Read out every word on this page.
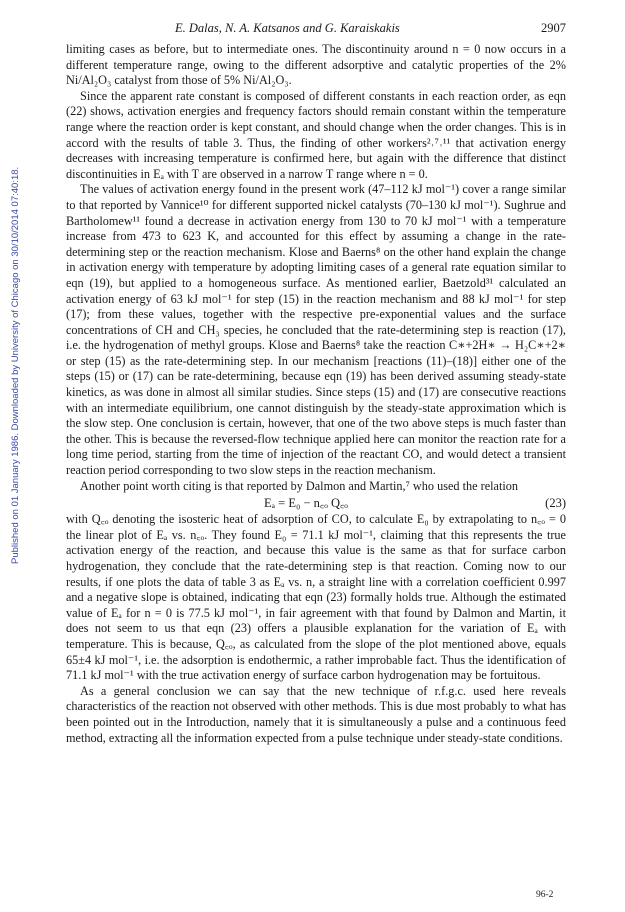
Published on 01 January 1986. Downloaded by University of Chicago on 30/10/2014 07:40:18.
E. Dalas, N. A. Katsanos and G. Karaiskakis	2907

limiting cases as before, but to intermediate ones. The discontinuity around n = 0 now occurs in a different temperature range, owing to the different adsorptive and catalytic properties of the 2% Ni/Al₂O₃ catalyst from those of 5% Ni/Al₂O₃.

Since the apparent rate constant is composed of different constants in each reaction order, as eqn (22) shows, activation energies and frequency factors should remain constant within the temperature range where the reaction order is kept constant, and should change when the order changes. This is in accord with the results of table 3. Thus, the finding of other workers²˒⁷˒¹¹ that activation energy decreases with increasing temperature is confirmed here, but again with the difference that distinct discontinuities in Eₐ with T are observed in a narrow T range where n = 0.

The values of activation energy found in the present work (47–112 kJ mol⁻¹) cover a range similar to that reported by Vannice¹⁰ for different supported nickel catalysts (70–130 kJ mol⁻¹). Sughrue and Bartholomew¹¹ found a decrease in activation energy from 130 to 70 kJ mol⁻¹ with a temperature increase from 473 to 623 K, and accounted for this effect by assuming a change in the rate-determining step or the reaction mechanism. Klose and Baerns⁸ on the other hand explain the change in activation energy with temperature by adopting limiting cases of a general rate equation similar to eqn (19), but applied to a homogeneous surface. As mentioned earlier, Baetzold³¹ calculated an activation energy of 63 kJ mol⁻¹ for step (15) in the reaction mechanism and 88 kJ mol⁻¹ for step (17); from these values, together with the respective pre-exponential values and the surface concentrations of CH and CH₃ species, he concluded that the rate-determining step is reaction (17), i.e. the hydrogenation of methyl groups. Klose and Baerns⁸ take the reaction C∗+2H∗ → H₂C∗+2∗ or step (15) as the rate-determining step. In our mechanism [reactions (11)–(18)] either one of the steps (15) or (17) can be rate-determining, because eqn (19) has been derived assuming steady-state kinetics, as was done in almost all similar studies. Since steps (15) and (17) are consecutive reactions with an intermediate equilibrium, one cannot distinguish by the steady-state approximation which is the slow step. One conclusion is certain, however, that one of the two above steps is much faster than the other. This is because the reversed-flow technique applied here can monitor the reaction rate for a long time period, starting from the time of injection of the reactant CO, and would detect a transient reaction period corresponding to two slow steps in the reaction mechanism.

Another point worth citing is that reported by Dalmon and Martin,⁷ who used the relation

Eₐ = E₀ − n꜀ₒ Q꜀ₒ	(23)

with Q꜀ₒ denoting the isosteric heat of adsorption of CO, to calculate E₀ by extrapolating to n꜀ₒ = 0 the linear plot of Eₐ vs. n꜀ₒ. They found E₀ = 71.1 kJ mol⁻¹, claiming that this represents the true activation energy of the reaction, and because this value is the same as that for surface carbon hydrogenation, they conclude that the rate-determining step is that reaction. Coming now to our results, if one plots the data of table 3 as Eₐ vs. n, a straight line with a correlation coefficient 0.997 and a negative slope is obtained, indicating that eqn (23) formally holds true. Although the estimated value of Eₐ for n = 0 is 77.5 kJ mol⁻¹, in fair agreement with that found by Dalmon and Martin, it does not seem to us that eqn (23) offers a plausible explanation for the variation of Eₐ with temperature. This is because, Q꜀ₒ, as calculated from the slope of the plot mentioned above, equals 65±4 kJ mol⁻¹, i.e. the adsorption is endothermic, a rather improbable fact. Thus the identification of 71.1 kJ mol⁻¹ with the true activation energy of surface carbon hydrogenation may be fortuitous.

As a general conclusion we can say that the new technique of r.f.g.c. used here reveals characteristics of the reaction not observed with other methods. This is due most probably to what has been pointed out in the Introduction, namely that it is simultaneously a pulse and a continuous feed method, extracting all the information expected from a pulse technique under steady-state conditions.

96-2
